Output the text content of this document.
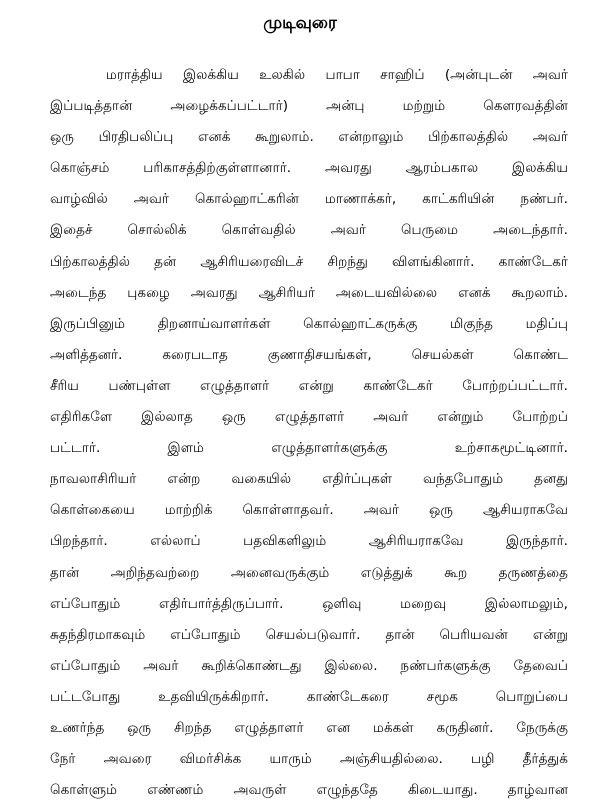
முடிவுரை
மராத்திய இலக்கிய உலகில் பாபா சாஹிப் (அன்புடன் அவர்
இப்படித்தான் அழைக்கப்பட்டார்) அன்பு மற்றும் கௌரவத்தின்
ஒரு பிரதிபலிப்பு எனக் கூறுலாம். என்றாலும் பிற்காலத்தில் அவர்
கொஞ்சம் பரிகாசத்திற்குள்ளானார். அவரது ஆரம்பகால இலக்கிய
வாழ்வில் அவர் கொல்ஹாட்கரின் மாணாக்கர், காட்கரியின் நண்பர்.
இதைச் சொல்லிக் கொள்வதில் அவர் பெருமை அடைந்தார்.
பிற்காலத்தில் தன் ஆசிரியரைவிடச் சிறந்து விளங்கினார். காண்டேகர்
அடைந்த புகழை அவரது ஆசிரியர் அடையவில்லை எனக் கூறலாம்.
இருப்பினும் திறனாய்வாளர்கள் கொல்ஹாட்கருக்கு மிகுந்த மதிப்பு
அளித்தனர். கரைபடாத குணாதிசயங்கள், செயல்கள் கொண்ட
சீரிய பண்புள்ள எழுத்தாளர் என்று காண்டேகர் போற்றப்பட்டார்.
எதிரிகளே இல்லாத ஒரு எழுத்தாளர் அவர் என்றும் போற்றப்
பட்டார். இளம் எழுத்தாளர்களுக்கு உற்சாகமூட்டினார்.
நாவலாசிரியர் என்ற வகையில் எதிர்ப்புகள் வந்தபோதும் தனது
கொள்கையை மாற்றிக் கொள்ளாதவர். அவர் ஒரு ஆசியராகவே
பிறந்தார். எல்லாப் பதவிகளிலும் ஆசிரியராகவே இருந்தார்.
தான் அறிந்தவற்றை அனைவருக்கும் எடுத்துக் கூற தருணத்தை
எப்போதும் எதிர்பார்த்திருப்பார். ஒளிவு மறைவு இல்லாமலும்,
சுதந்திரமாகவும் எப்போதும் செயல்படுவார். தான் பெரியவன் என்று
எப்போதும் அவர் கூறிக்கொண்டது இல்லை. நண்பர்களுக்கு தேவைப்
பட்டபோது உதவியிருக்கிறார். காண்டேகரை சமூக பொறுப்பை
உணர்ந்த ஒரு சிறந்த எழுத்தாளர் என மக்கள் கருதினர். நேருக்கு
நேர் அவரை விமர்சிக்க யாரும் அஞ்சியதில்லை. பழி தீர்த்துக்
கொள்ளும் எண்ணம் அவருள் எழுந்ததே கிடையாது. தாழ்வான
